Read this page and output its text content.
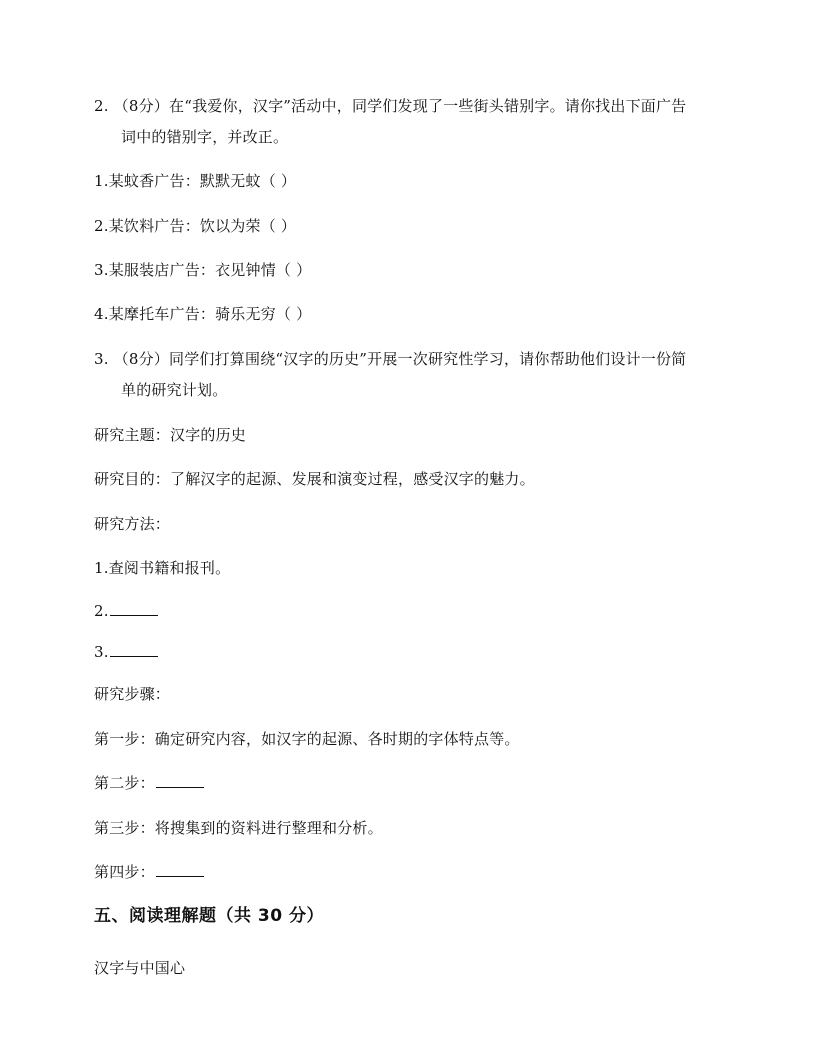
2. （8分）在“我爱你，汉字”活动中，同学们发现了一些街头错别字。请你找出下面广告
词中的错别字，并改正。
1.某蚊香广告：默默无蚊（ ）
2.某饮料广告：饮以为荣（ ）
3.某服装店广告：衣见钟情（ ）
4.某摩托车广告：骑乐无穷（ ）
3. （8分）同学们打算围绕“汉字的历史”开展一次研究性学习，请你帮助他们设计一份简
单的研究计划。
研究主题：汉字的历史
研究目的：了解汉字的起源、发展和演变过程，感受汉字的魅力。
研究方法：
1.查阅书籍和报刊。
2.
3.
研究步骤：
第一步：确定研究内容，如汉字的起源、各时期的字体特点等。
第二步：
第三步：将搜集到的资料进行整理和分析。
第四步：
五、阅读理解题（共 30 分）
汉字与中国心
